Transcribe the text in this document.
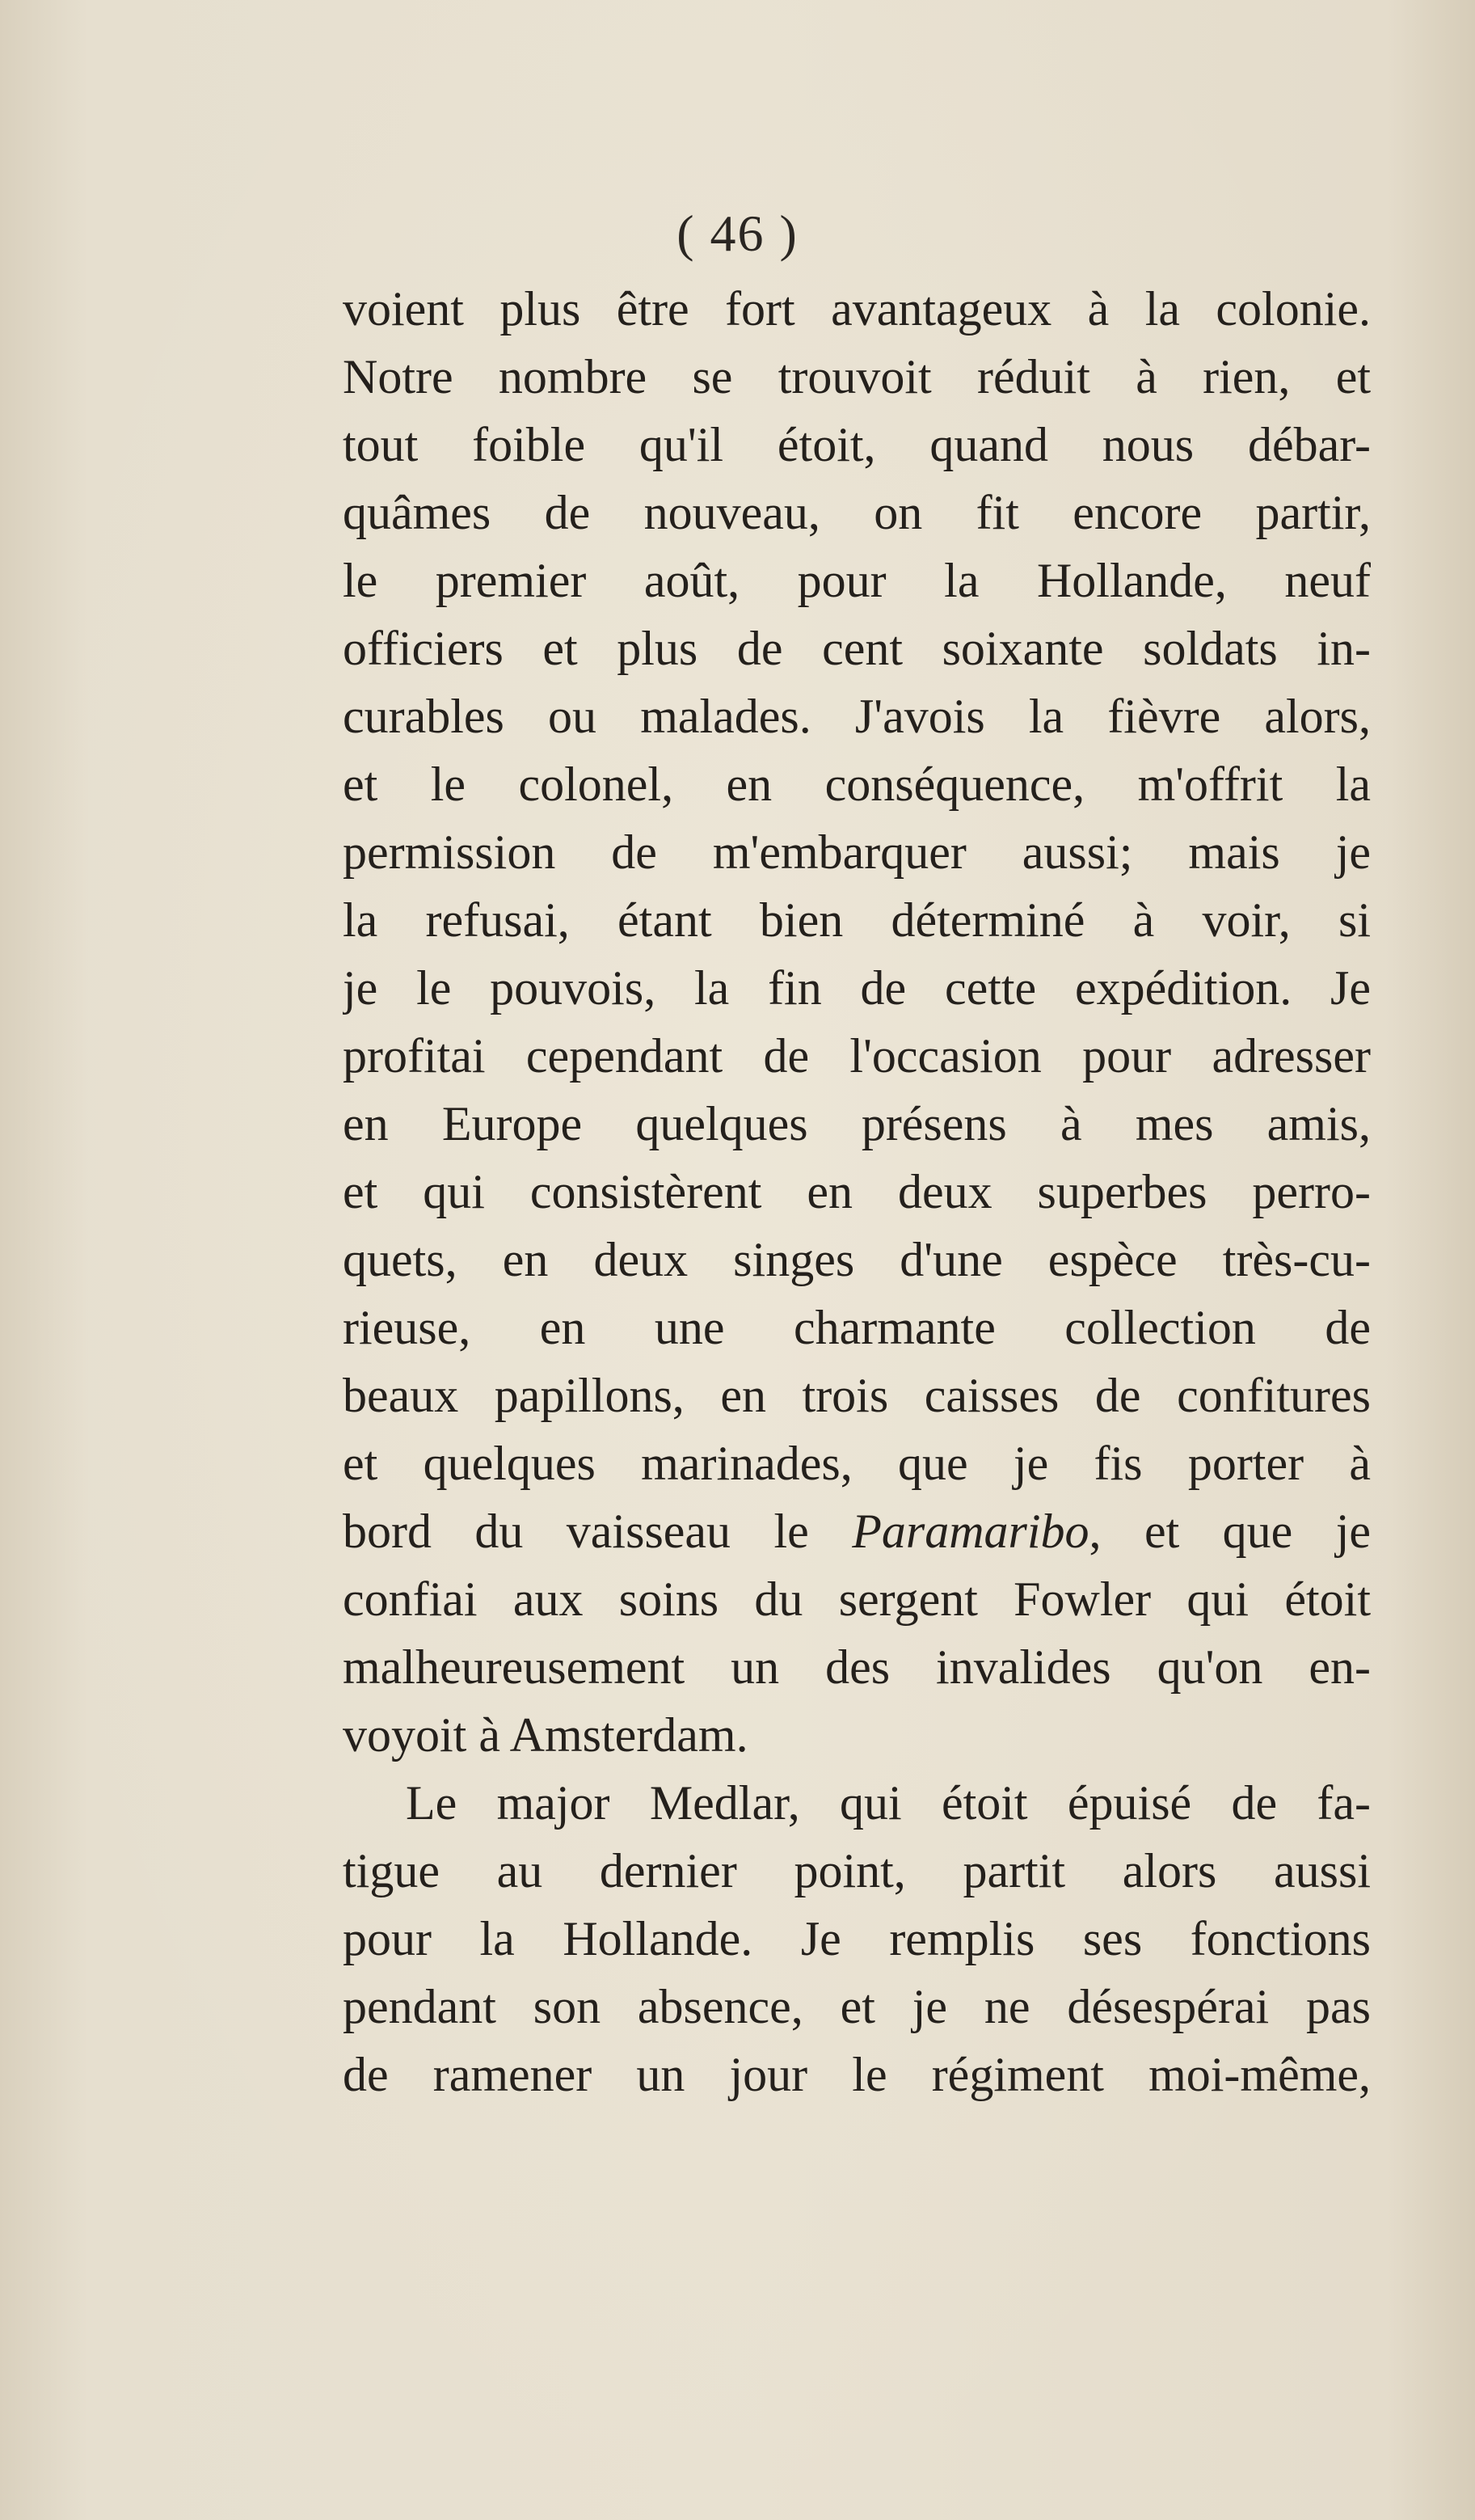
( 46 )
voient plus être fort avantageux à la colonie.
Notre nombre se trouvoit réduit à rien, et
tout foible qu'il étoit, quand nous débar-
quâmes de nouveau, on fit encore partir,
le premier août, pour la Hollande, neuf
officiers et plus de cent soixante soldats in-
curables ou malades. J'avois la fièvre alors,
et le colonel, en conséquence, m'offrit la
permission de m'embarquer aussi; mais je
la refusai, étant bien déterminé à voir, si
je le pouvois, la fin de cette expédition. Je
profitai cependant de l'occasion pour adresser
en Europe quelques présens à mes amis,
et qui consistèrent en deux superbes perro-
quets, en deux singes d'une espèce très-cu-
rieuse, en une charmante collection de
beaux papillons, en trois caisses de confitures
et quelques marinades, que je fis porter à
bord du vaisseau le Paramaribo, et que je
confiai aux soins du sergent Fowler qui étoit
malheureusement un des invalides qu'on en-
voyoit à Amsterdam.
Le major Medlar, qui étoit épuisé de fa-
tigue au dernier point, partit alors aussi
pour la Hollande. Je remplis ses fonctions
pendant son absence, et je ne désespérai pas
de ramener un jour le régiment moi-même,
